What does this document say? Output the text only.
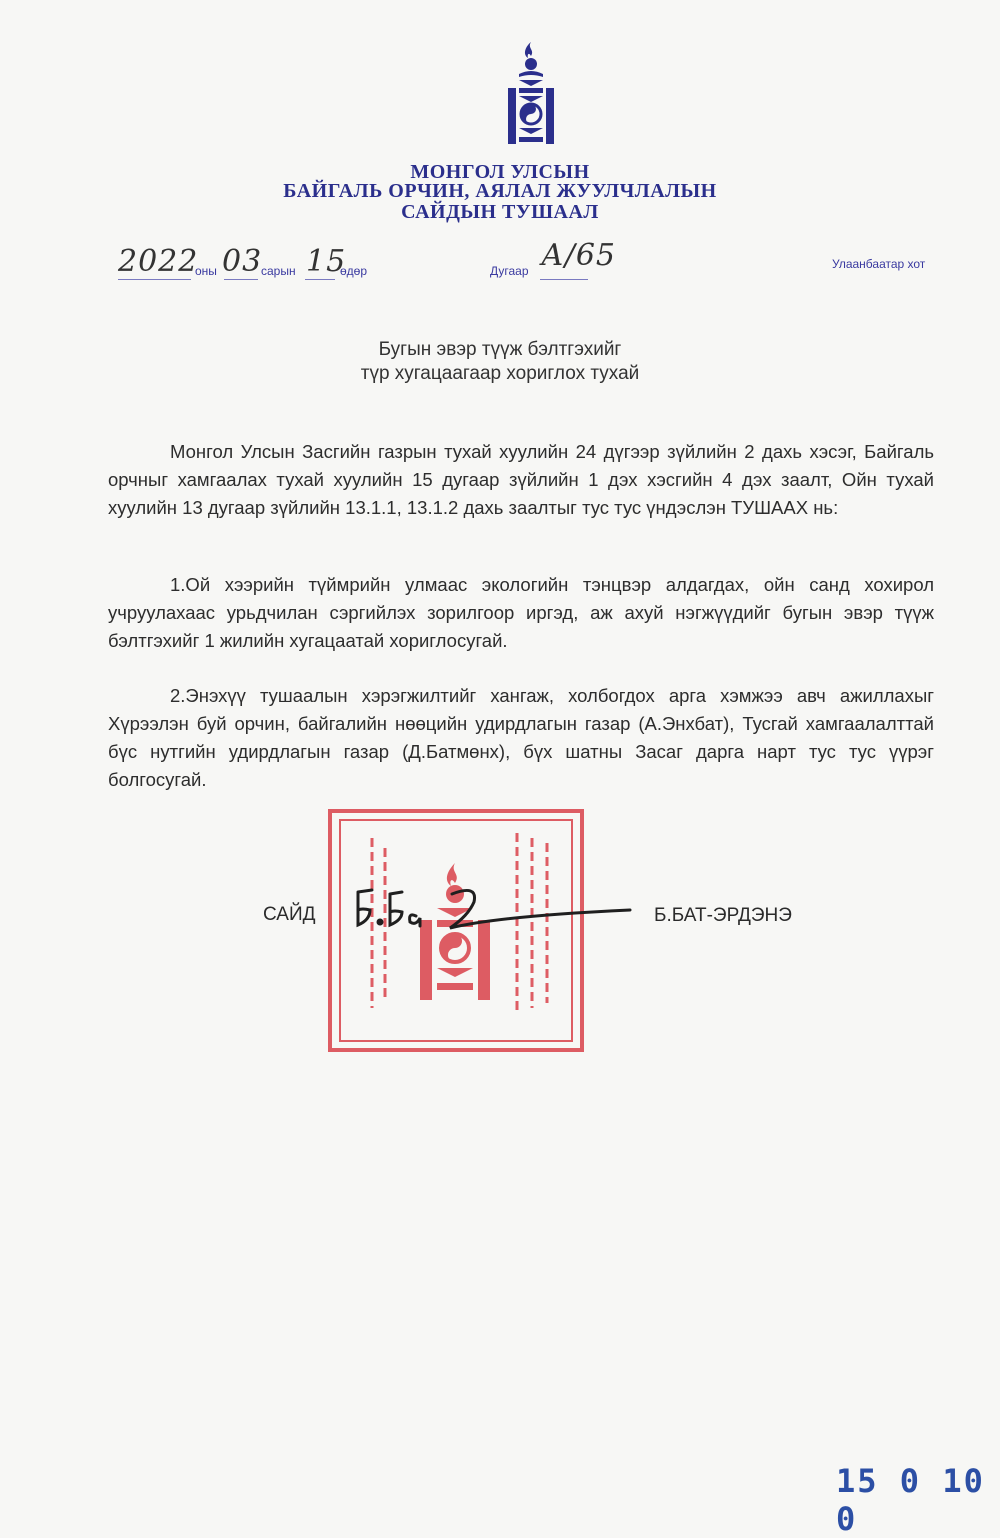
МОНГОЛ УЛСЫН
БАЙГАЛЬ ОРЧИН, АЯЛАЛ ЖУУЛЧЛАЛЫН
САЙДЫН ТУШААЛ
2022
оны 03
сарын 15
өдөр	Дугаар А/65	Улаанбаатар хот
Бугын эвэр түүж бэлтгэхийг
түр хугацаагаар хориглох тухай
Монгол Улсын Засгийн газрын тухай хуулийн 24 дүгээр зүйлийн 2 дахь хэсэг, Байгаль орчныг хамгаалах тухай хуулийн 15 дугаар зүйлийн 1 дэх хэсгийн 4 дэх заалт, Ойн тухай хуулийн 13 дугаар зүйлийн 13.1.1, 13.1.2 дахь заалтыг тус тус үндэслэн ТУШААХ нь:
1.Ой хээрийн түймрийн улмаас экологийн тэнцвэр алдагдах, ойн санд хохирол учруулахаас урьдчилан сэргийлэх зорилгоор иргэд, аж ахуй нэгжүүдийг бугын эвэр түүж бэлтгэхийг 1 жилийн хугацаатай хориглосугай.
2.Энэхүү тушаалын хэрэгжилтийг хангаж, холбогдох арга хэмжээ авч ажиллахыг Хүрээлэн буй орчин, байгалийн нөөцийн удирдлагын газар (А.Энхбат), Тусгай хамгаалалттай бүс нутгийн удирдлагын газар (Д.Батмөнх), бүх шатны Засаг дарга нарт тус тус үүрэг болгосугай.
САЙД	Б.БАТ-ЭРДЭНЭ
15 0 10 0
